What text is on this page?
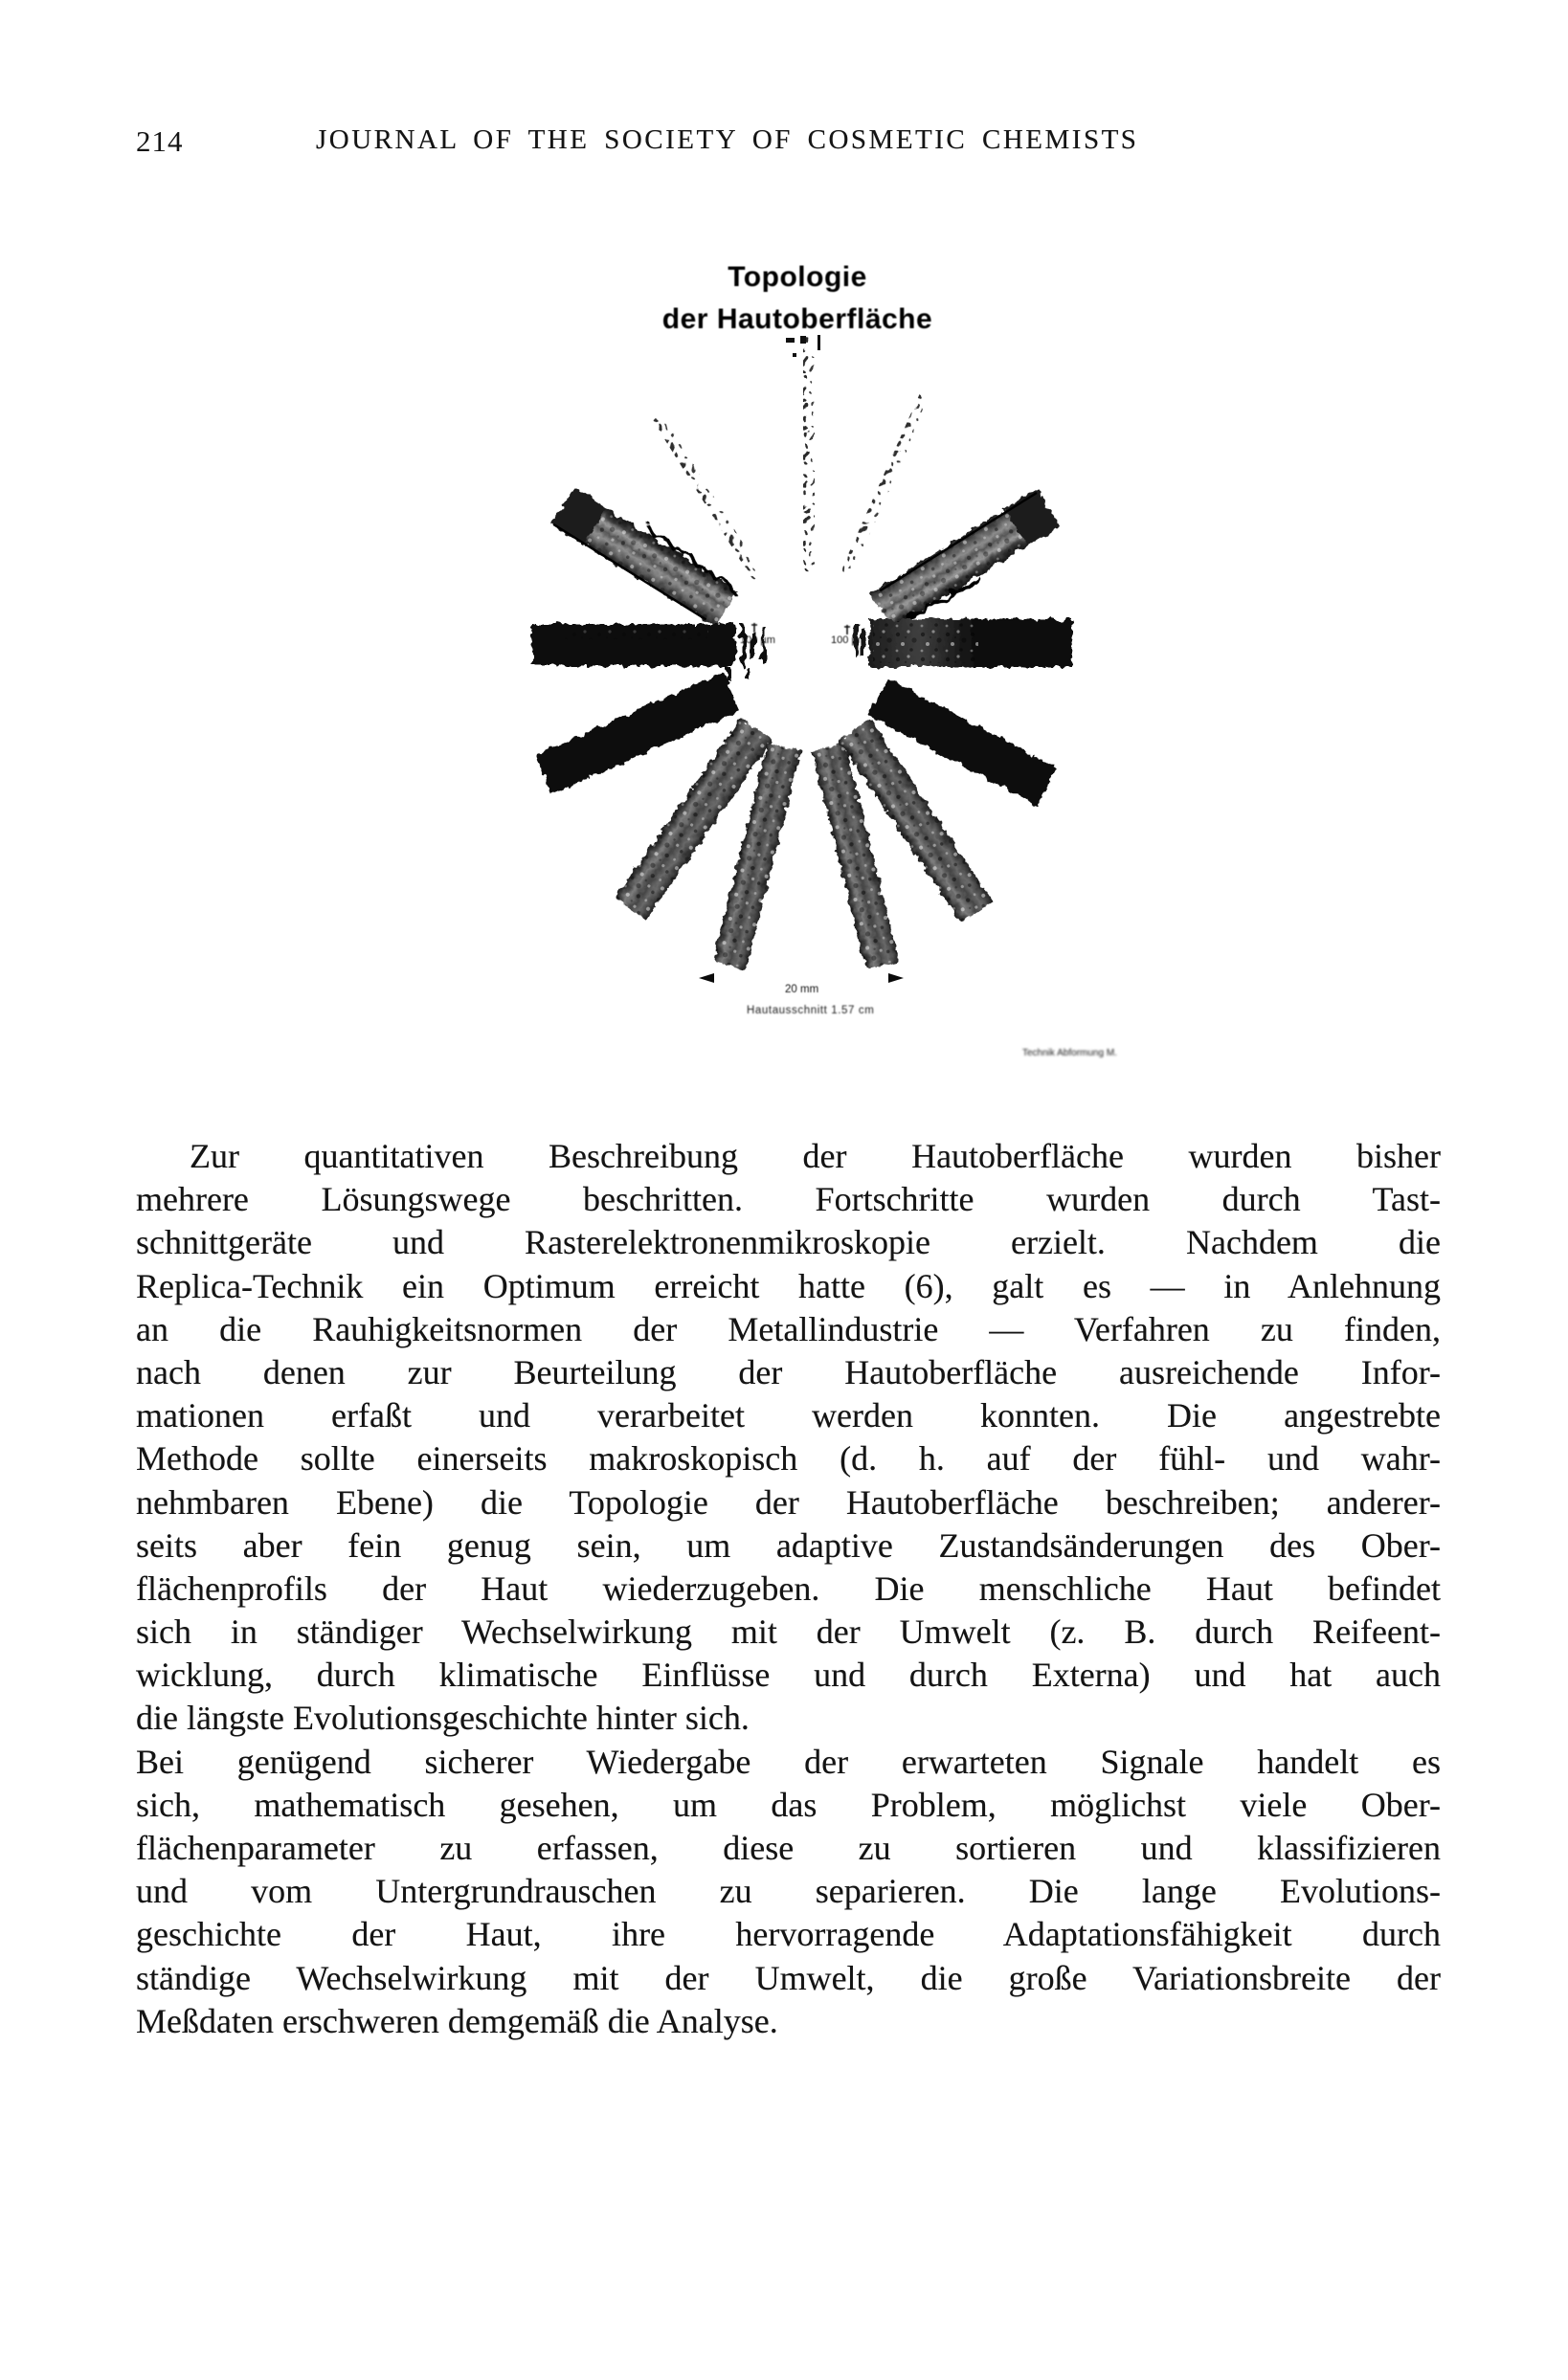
214	JOURNAL OF THE SOCIETY OF COSMETIC CHEMISTS
Topologie
der Hautoberfläche
100 µm	100 µm
20 mm
Hautausschnitt 1.57 cm
Technik Abformung M.
Zur quantitativen Beschreibung der Hautoberfläche wurden bisher
mehrere Lösungswege beschritten. Fortschritte wurden durch Tast-
schnittgeräte und Rasterelektronenmikroskopie erzielt. Nachdem die
Replica-Technik ein Optimum erreicht hatte (6), galt es — in Anlehnung
an die Rauhigkeitsnormen der Metallindustrie — Verfahren zu finden,
nach denen zur Beurteilung der Hautoberfläche ausreichende Infor-
mationen erfaßt und verarbeitet werden konnten. Die angestrebte
Methode sollte einerseits makroskopisch (d. h. auf der fühl- und wahr-
nehmbaren Ebene) die Topologie der Hautoberfläche beschreiben; anderer-
seits aber fein genug sein, um adaptive Zustandsänderungen des Ober-
flächenprofils der Haut wiederzugeben. Die menschliche Haut befindet
sich in ständiger Wechselwirkung mit der Umwelt (z. B. durch Reifeent-
wicklung, durch klimatische Einflüsse und durch Externa) und hat auch
die längste Evolutionsgeschichte hinter sich.
Bei genügend sicherer Wiedergabe der erwarteten Signale handelt es
sich, mathematisch gesehen, um das Problem, möglichst viele Ober-
flächenparameter zu erfassen, diese zu sortieren und klassifizieren
und vom Untergrundrauschen zu separieren. Die lange Evolutions-
geschichte der Haut, ihre hervorragende Adaptationsfähigkeit durch
ständige Wechselwirkung mit der Umwelt, die große Variationsbreite der
Meßdaten erschweren demgemäß die Analyse.
